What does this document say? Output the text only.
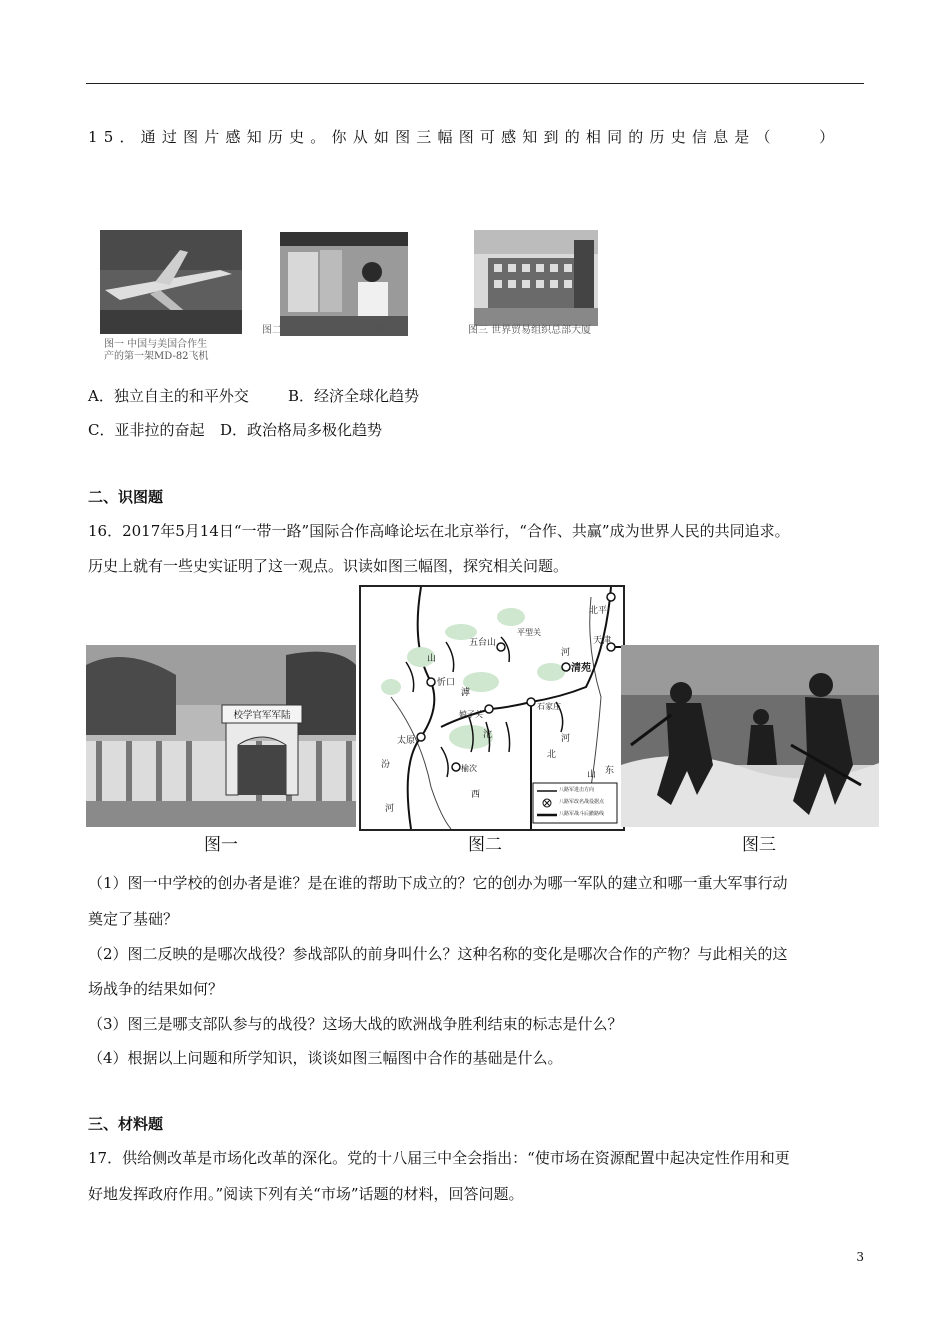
15．通过图片感知历史。你从如图三幅图可感知到的相同的历史信息是（　　）
图一 中国与美国合作生
产的第一架MD-82飞机
图二 在日资公司工作的印度工人	图三 世界贸易组织总部大厦
A．独立自主的和平外交	B．经济全球化趋势
C．亚非拉的奋起 D．政治格局多极化趋势
二、识图题
16．2017年5月14日“一带一路”国际合作高峰论坛在北京举行，“合作、共赢”成为世界人民的共同追求。
历史上就有一些史实证明了这一观点。识读如图三幅图，探究相关问题。
陆军军官学校
图一
北平
天津
五台山
平型关
清苑
忻口
太原
娘子关
石家庄
榆次
山
西
河
北
山 东
汾
河
滹
沱
河
八路军进击方向
八路军改名战役据点
八路军战斗后撤路线
图二	图三
（1）图一中学校的创办者是谁？是在谁的帮助下成立的？它的创办为哪一军队的建立和哪一重大军事行动
奠定了基础？
（2）图二反映的是哪次战役？参战部队的前身叫什么？这种名称的变化是哪次合作的产物？与此相关的这
场战争的结果如何？
（3）图三是哪支部队参与的战役？这场大战的欧洲战争胜利结束的标志是什么？
（4）根据以上问题和所学知识，谈谈如图三幅图中合作的基础是什么。
三、材料题
17．供给侧改革是市场化改革的深化。党的十八届三中全会指出：“使市场在资源配置中起决定性作用和更
好地发挥政府作用。”阅读下列有关“市场”话题的材料，回答问题。
3
